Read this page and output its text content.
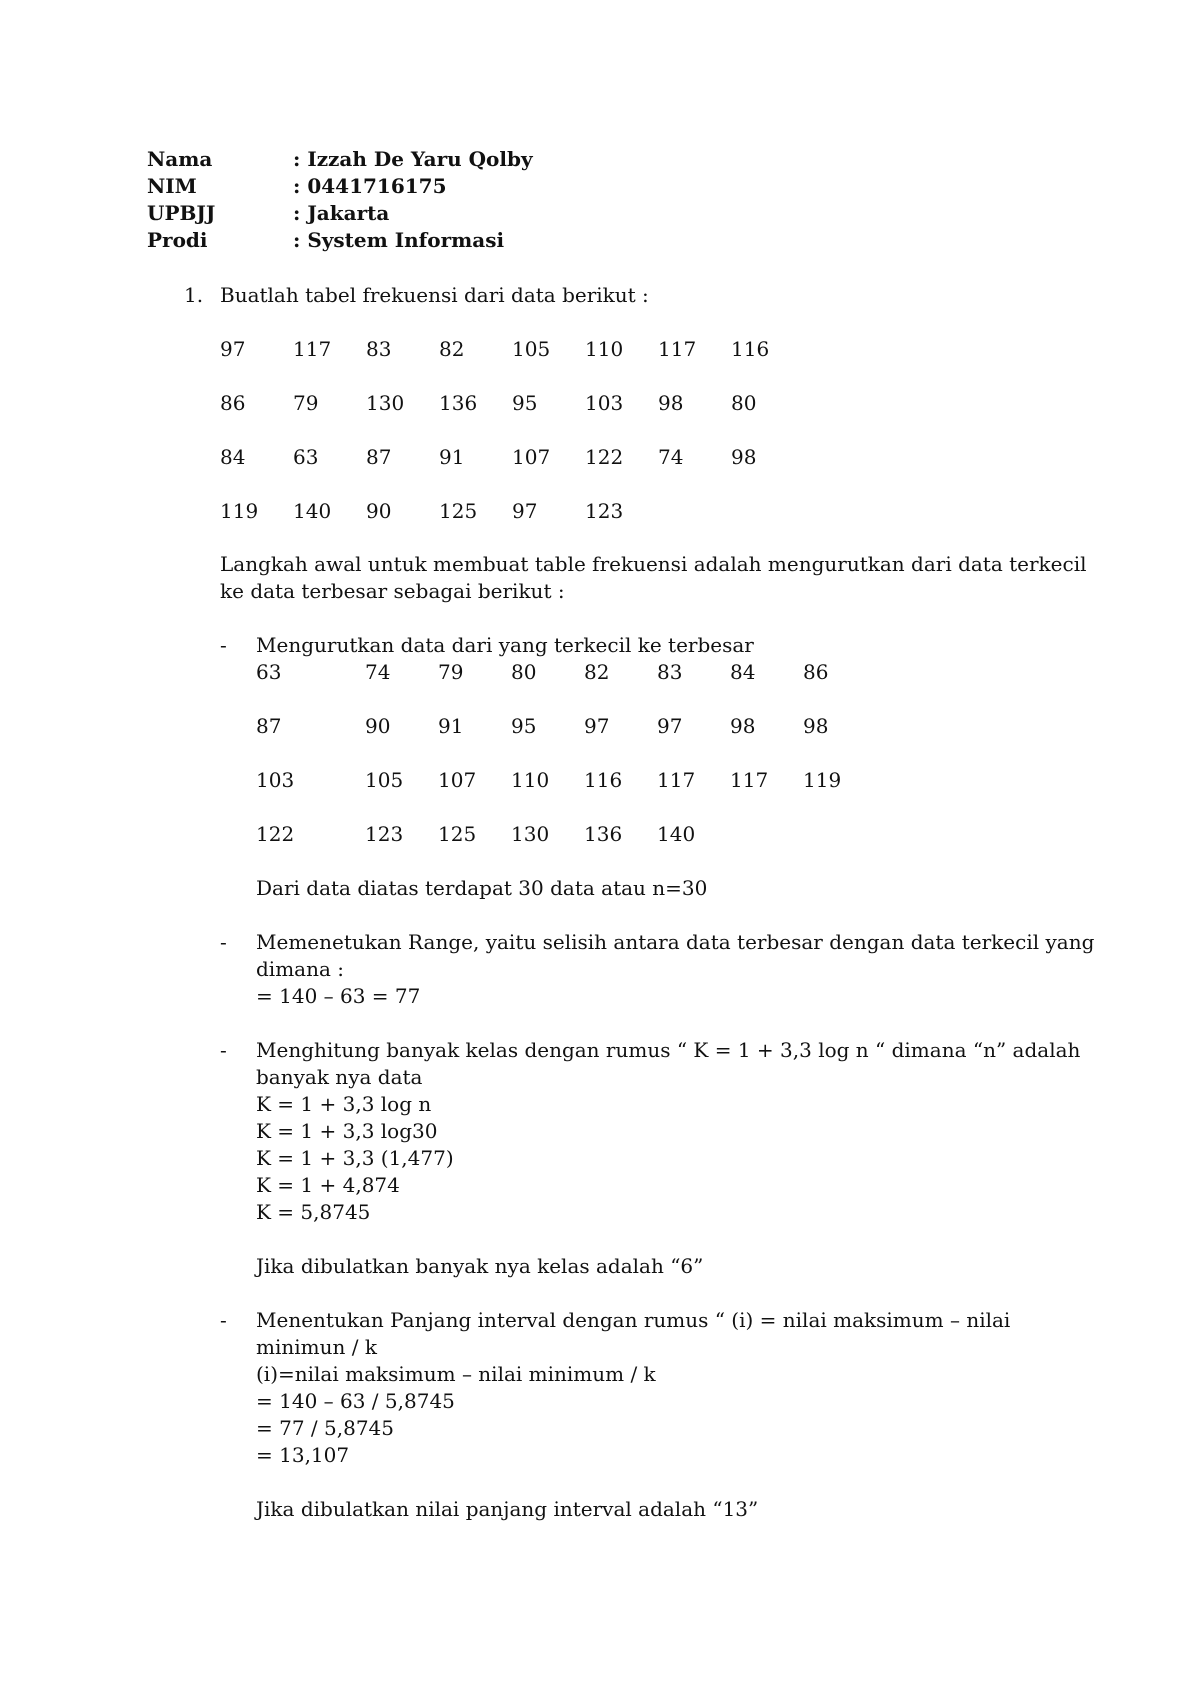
Nama	: Izzah De Yaru Qolby
NIM	: 0441716175
UPBJJ	: Jakarta
Prodi	: System Informasi
1. Buatlah tabel frekuensi dari data berikut :
97	117	83	82	105	110	117	116
86	79	130	136	95	103	98	80
84	63	87	91	107	122	74	98
119	140	90	125	97	123
Langkah awal untuk membuat table frekuensi adalah mengurutkan dari data terkecil
ke data terbesar sebagai berikut :
- Mengurutkan data dari yang terkecil ke terbesar
63	74	79	80	82	83	84	86
87	90	91	95	97	97	98	98
103	105	107	110	116	117	117	119
122	123	125	130	136	140
Dari data diatas terdapat 30 data atau n=30
- Memenetukan Range, yaitu selisih antara data terbesar dengan data terkecil yang
dimana :
= 140 – 63 = 77
- Menghitung banyak kelas dengan rumus “ K = 1 + 3,3 log n “ dimana “n” adalah
banyak nya data
K = 1 + 3,3 log n
K = 1 + 3,3 log30
K = 1 + 3,3 (1,477)
K = 1 + 4,874
K = 5,8745
Jika dibulatkan banyak nya kelas adalah “6”
- Menentukan Panjang interval dengan rumus “ (i) = nilai maksimum – nilai
minimun / k
(i)=nilai maksimum – nilai minimum / k
= 140 – 63 / 5,8745
= 77 / 5,8745
= 13,107
Jika dibulatkan nilai panjang interval adalah “13”
